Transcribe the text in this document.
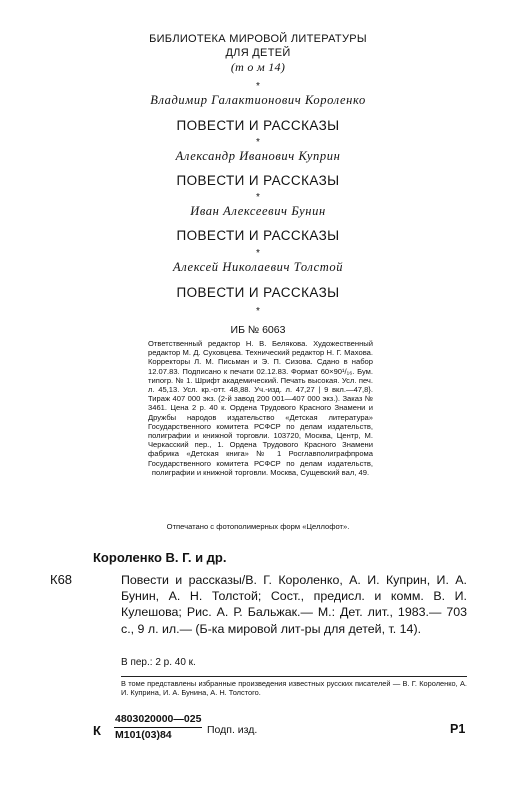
БИБЛИОТЕКА МИРОВОЙ ЛИТЕРАТУРЫ
ДЛЯ ДЕТЕЙ
(т о м 14)
*
Владимир Галактионович Короленко
ПОВЕСТИ И РАССКАЗЫ
*
Александр Иванович Куприн
ПОВЕСТИ И РАССКАЗЫ
*
Иван Алексеевич Бунин
ПОВЕСТИ И РАССКАЗЫ
*
Алексей Николаевич Толстой
ПОВЕСТИ И РАССКАЗЫ
*
ИБ № 6063
Ответственный редактор Н. В. Белякова. Художественный редактор М. Д. Суховцева. Технический редактор Н. Г. Махова. Корректоры Л. М. Письман и Э. П. Сизова. Сдано в набор 12.07.83. Подписано к печати 02.12.83. Формат 60×90¹/₁₆. Бум. типогр. № 1. Шрифт академический. Печать высокая. Усл. печ. л. 45,13. Усл. кр.-отт. 48,88. Уч.-изд. л. 47,27 | 9 вкл.—47,8}. Тираж 407 000 экз. (2-й завод 200 001—407 000 экз.). Заказ № 3461. Цена 2 р. 40 к. Ордена Трудового Красного Знамени и Дружбы народов издательство «Детская литература» Государственного комитета РСФСР по делам издательств, полиграфии и книжной торговли. 103720, Москва, Центр, М. Черкасский пер., 1. Ордена Трудового Красного Знамени фабрика «Детская книга» № 1 Росглавполиграфпрома Государственного комитета РСФСР по делам издательств, полиграфии и книжной торговли. Москва, Сущевский вал, 49.
Отпечатано с фотополимерных форм «Целлофот».
Короленко В. Г. и др.
К68	Повести и рассказы/В. Г. Короленко, А. И. Куприн, И. А. Бунин, А. Н. Толстой; Сост., предисл. и комм. В. И. Кулешова; Рис. А. Р. Бальжак.— М.: Дет. лит., 1983.— 703 с., 9 л. ил.— (Б-ка мировой лит-ры для детей, т. 14).
В пер.: 2 р. 40 к.
В томе представлены избранные произведения известных русских писателей — В. Г. Короленко, А. И. Куприна, И. А. Бунина, А. Н. Толстого.
К
4803020000—025
М101(03)84	Подп. изд.	Р1
